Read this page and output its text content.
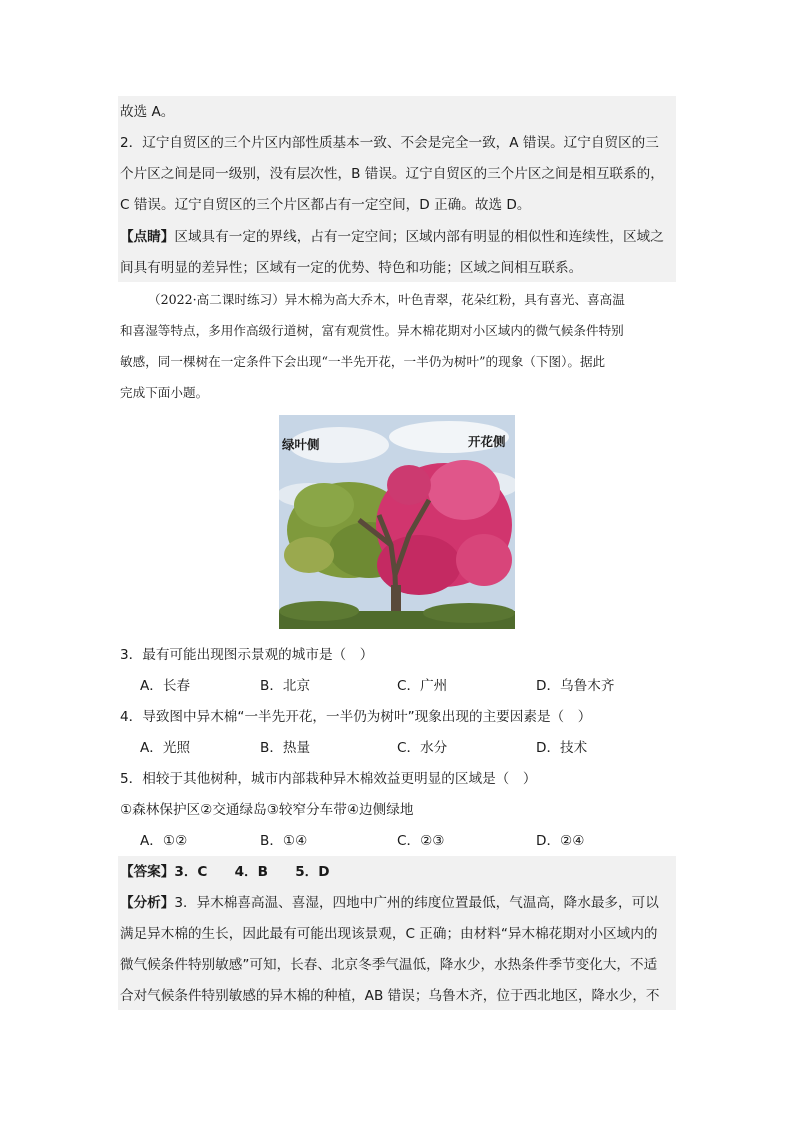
故选 A。
2．辽宁自贸区的三个片区内部性质基本一致、不会是完全一致，A 错误。辽宁自贸区的三
个片区之间是同一级别，没有层次性，B 错误。辽宁自贸区的三个片区之间是相互联系的，
C 错误。辽宁自贸区的三个片区都占有一定空间，D 正确。故选 D。
【点睛】区域具有一定的界线，占有一定空间；区域内部有明显的相似性和连续性，区域之
间具有明显的差异性；区域有一定的优势、特色和功能；区域之间相互联系。
（2022·高二课时练习）异木棉为高大乔木，叶色青翠，花朵红粉，具有喜光、喜高温
和喜湿等特点，多用作高级行道树，富有观赏性。异木棉花期对小区域内的微气候条件特别
敏感，同一棵树在一定条件下会出现“一半先开花，一半仍为树叶”的现象（下图）。据此
完成下面小题。
绿叶侧	开花侧
3．最有可能出现图示景观的城市是（　）
A．长春	B．北京	C．广州	D．乌鲁木齐
4．导致图中异木棉“一半先开花，一半仍为树叶”现象出现的主要因素是（　）
A．光照	B．热量	C．水分	D．技术
5．相较于其他树种，城市内部栽种异木棉效益更明显的区域是（　）
①森林保护区②交通绿岛③较窄分车带④边侧绿地
A．①②	B．①④	C．②③	D．②④
【答案】3．C　　4．B　　5．D
【分析】3．异木棉喜高温、喜湿，四地中广州的纬度位置最低，气温高，降水最多，可以
满足异木棉的生长，因此最有可能出现该景观，C 正确；由材料“异木棉花期对小区域内的
微气候条件特别敏感”可知，长春、北京冬季气温低，降水少，水热条件季节变化大，不适
合对气候条件特别敏感的异木棉的种植，AB 错误；乌鲁木齐，位于西北地区，降水少，不
